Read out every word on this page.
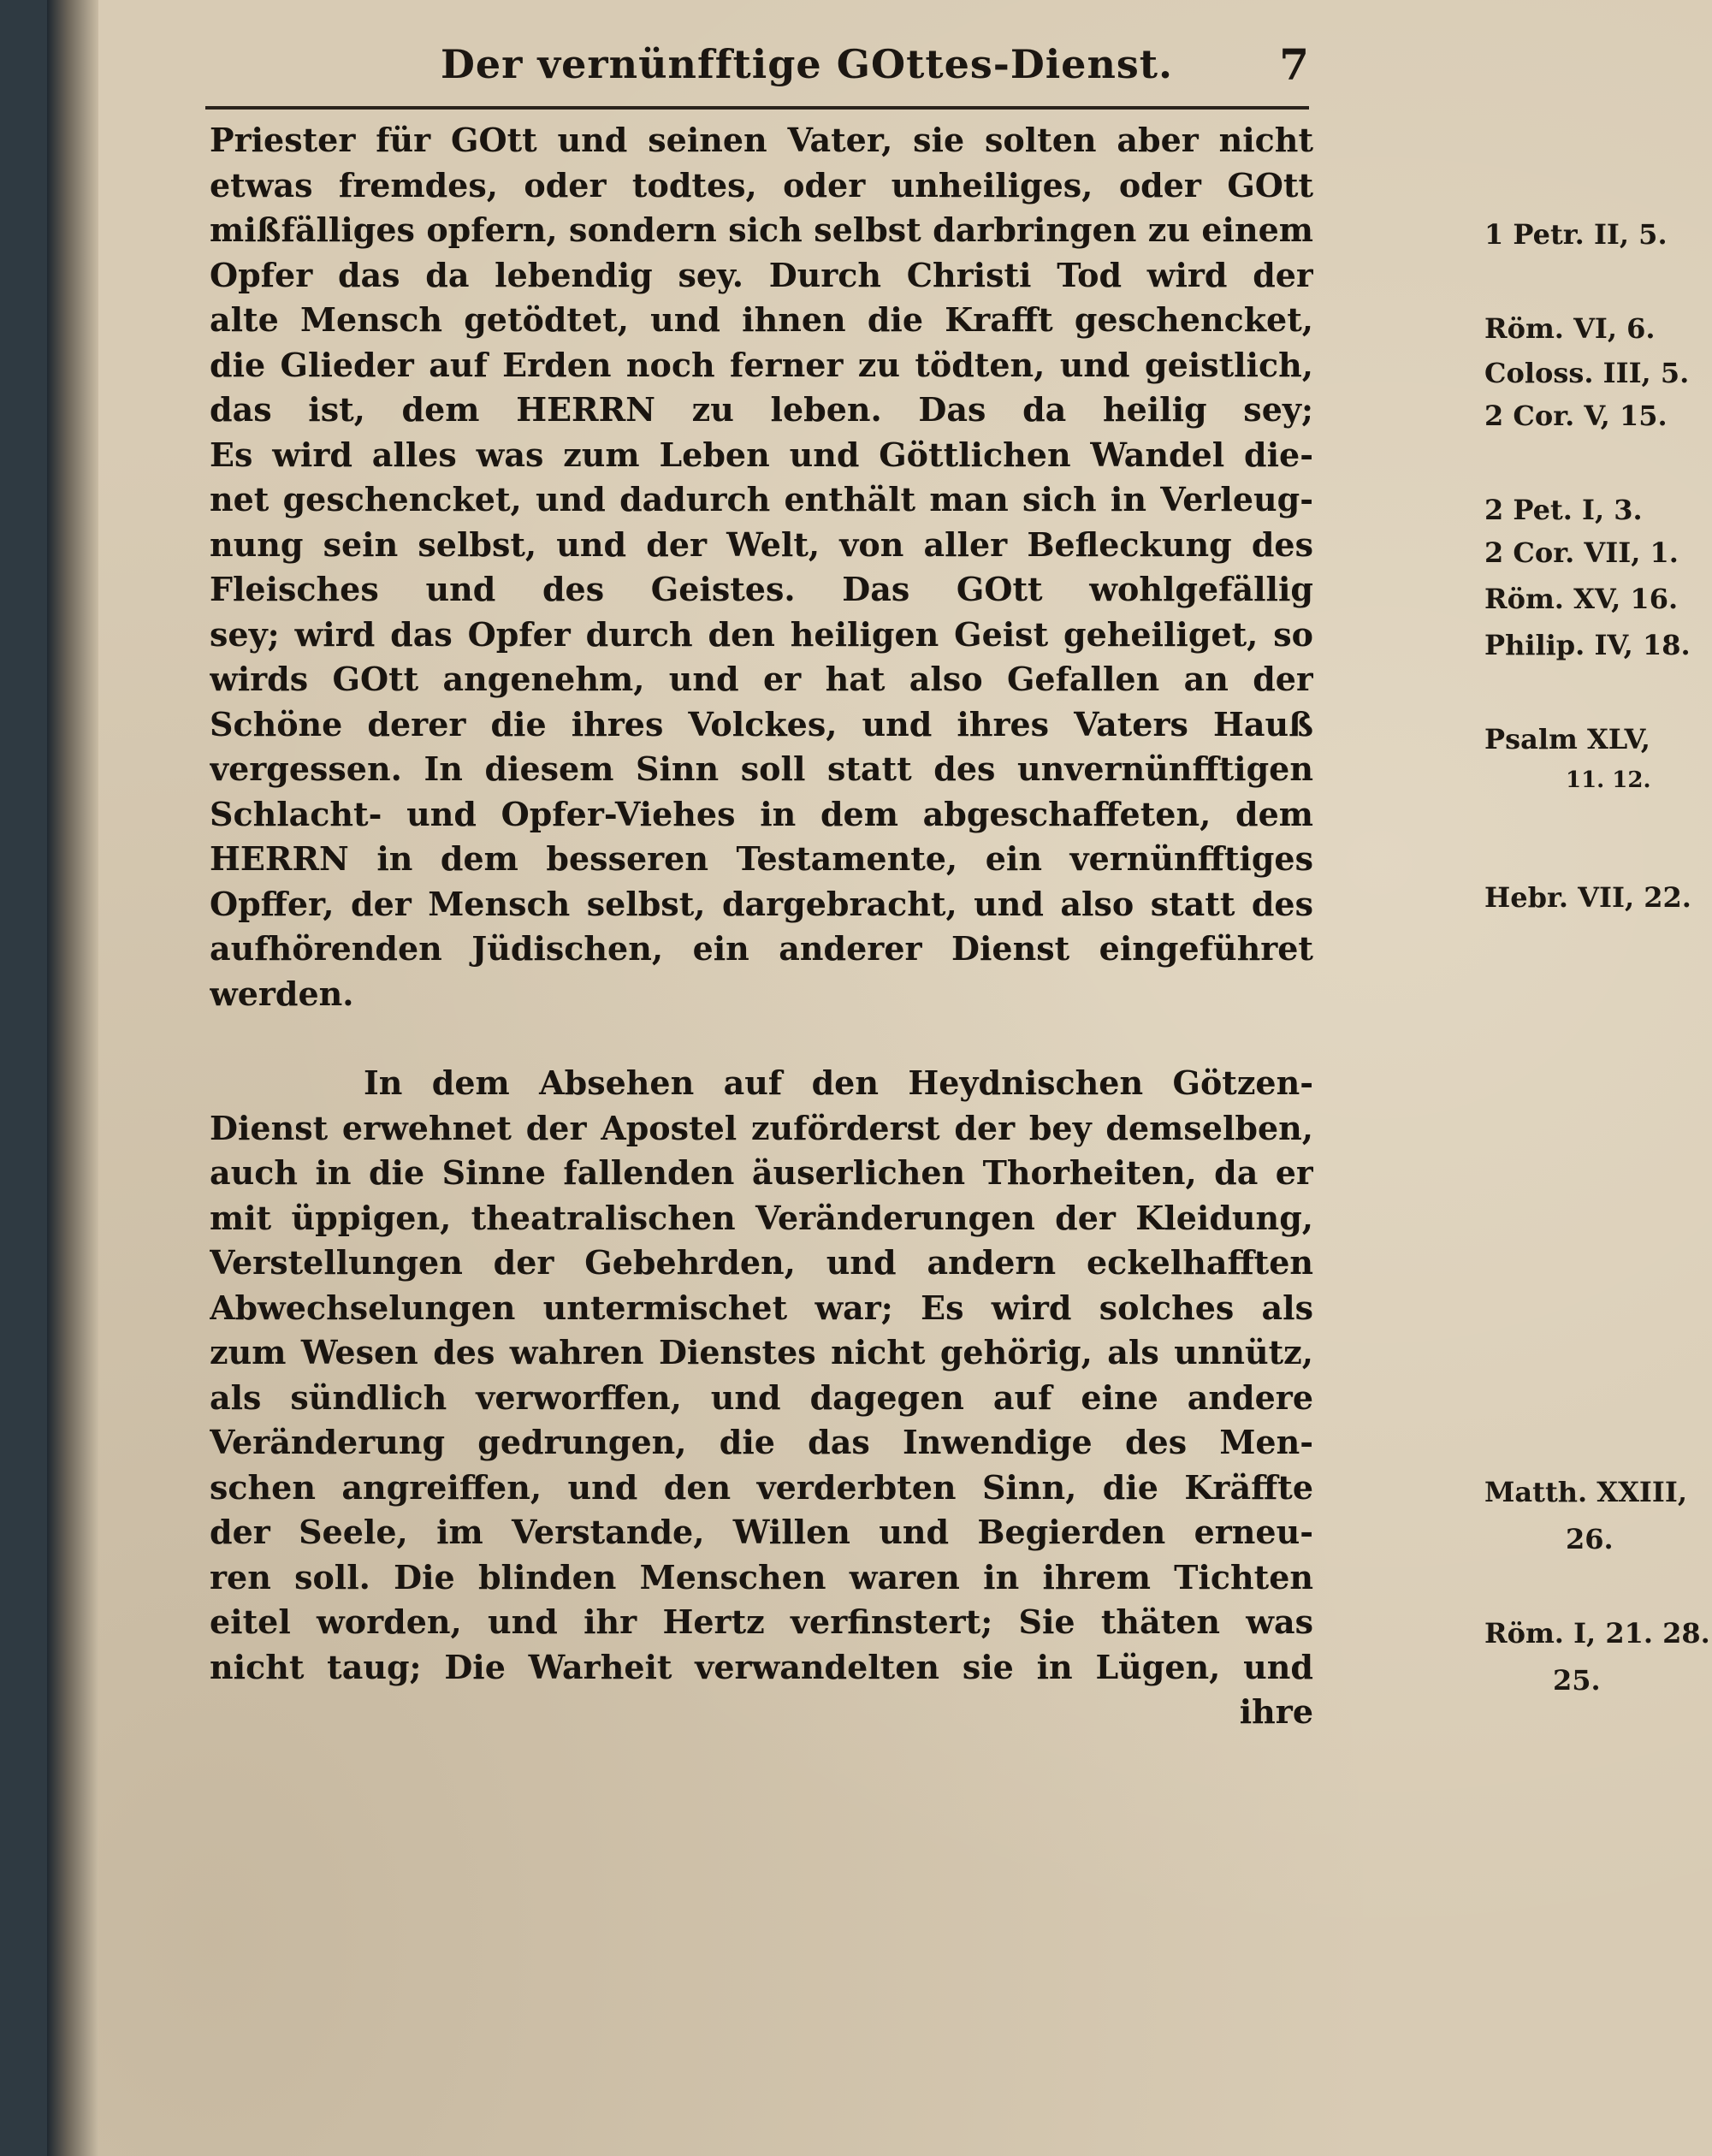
Der vernünfftige GOttes-Dienst. 7
Priester für GOtt und seinen Vater, sie solten aber nicht
etwas fremdes, oder todtes, oder unheiliges, oder GOtt
mißfälliges opfern, sondern sich selbst darbringen zu einem
Opfer das da lebendig sey. Durch Christi Tod wird der
alte Mensch getödtet, und ihnen die Krafft geschencket,
die Glieder auf Erden noch ferner zu tödten, und geistlich,
das ist, dem HERRN zu leben. Das da heilig sey;
Es wird alles was zum Leben und Göttlichen Wandel die-
net geschencket, und dadurch enthält man sich in Verleug-
nung sein selbst, und der Welt, von aller Befleckung des
Fleisches und des Geistes. Das GOtt wohlgefällig
sey; wird das Opfer durch den heiligen Geist geheiliget, so
wirds GOtt angenehm, und er hat also Gefallen an der
Schöne derer die ihres Volckes, und ihres Vaters Hauß
vergessen. In diesem Sinn soll statt des unvernünfftigen
Schlacht- und Opfer-Viehes in dem abgeschaffeten, dem
HERRN in dem besseren Testamente, ein vernünfftiges
Opffer, der Mensch selbst, dargebracht, und also statt des
aufhörenden Jüdischen, ein anderer Dienst eingeführet
werden.
In dem Absehen auf den Heydnischen Götzen-
Dienst erwehnet der Apostel zuförderst der bey demselben,
auch in die Sinne fallenden äuserlichen Thorheiten, da er
mit üppigen, theatralischen Veränderungen der Kleidung,
Verstellungen der Gebehrden, und andern eckelhafften
Abwechselungen untermischet war; Es wird solches als
zum Wesen des wahren Dienstes nicht gehörig, als unnütz,
als sündlich verworffen, und dagegen auf eine andere
Veränderung gedrungen, die das Inwendige des Men-
schen angreiffen, und den verderbten Sinn, die Kräffte
der Seele, im Verstande, Willen und Begierden erneu-
ren soll. Die blinden Menschen waren in ihrem Tichten
eitel worden, und ihr Hertz verfinstert; Sie thäten was
nicht taug; Die Warheit verwandelten sie in Lügen, und
ihre
1 Petr. II, 5.
Röm. VI, 6.
Coloss. III, 5.
2 Cor. V, 15.
2 Pet. I, 3.
2 Cor. VII, 1.
Röm. XV, 16.
Philip. IV, 18.
Psalm XLV,
11. 12.
Hebr. VII, 22.
Matth. XXIII,
26.
Röm. I, 21. 28.
25.
